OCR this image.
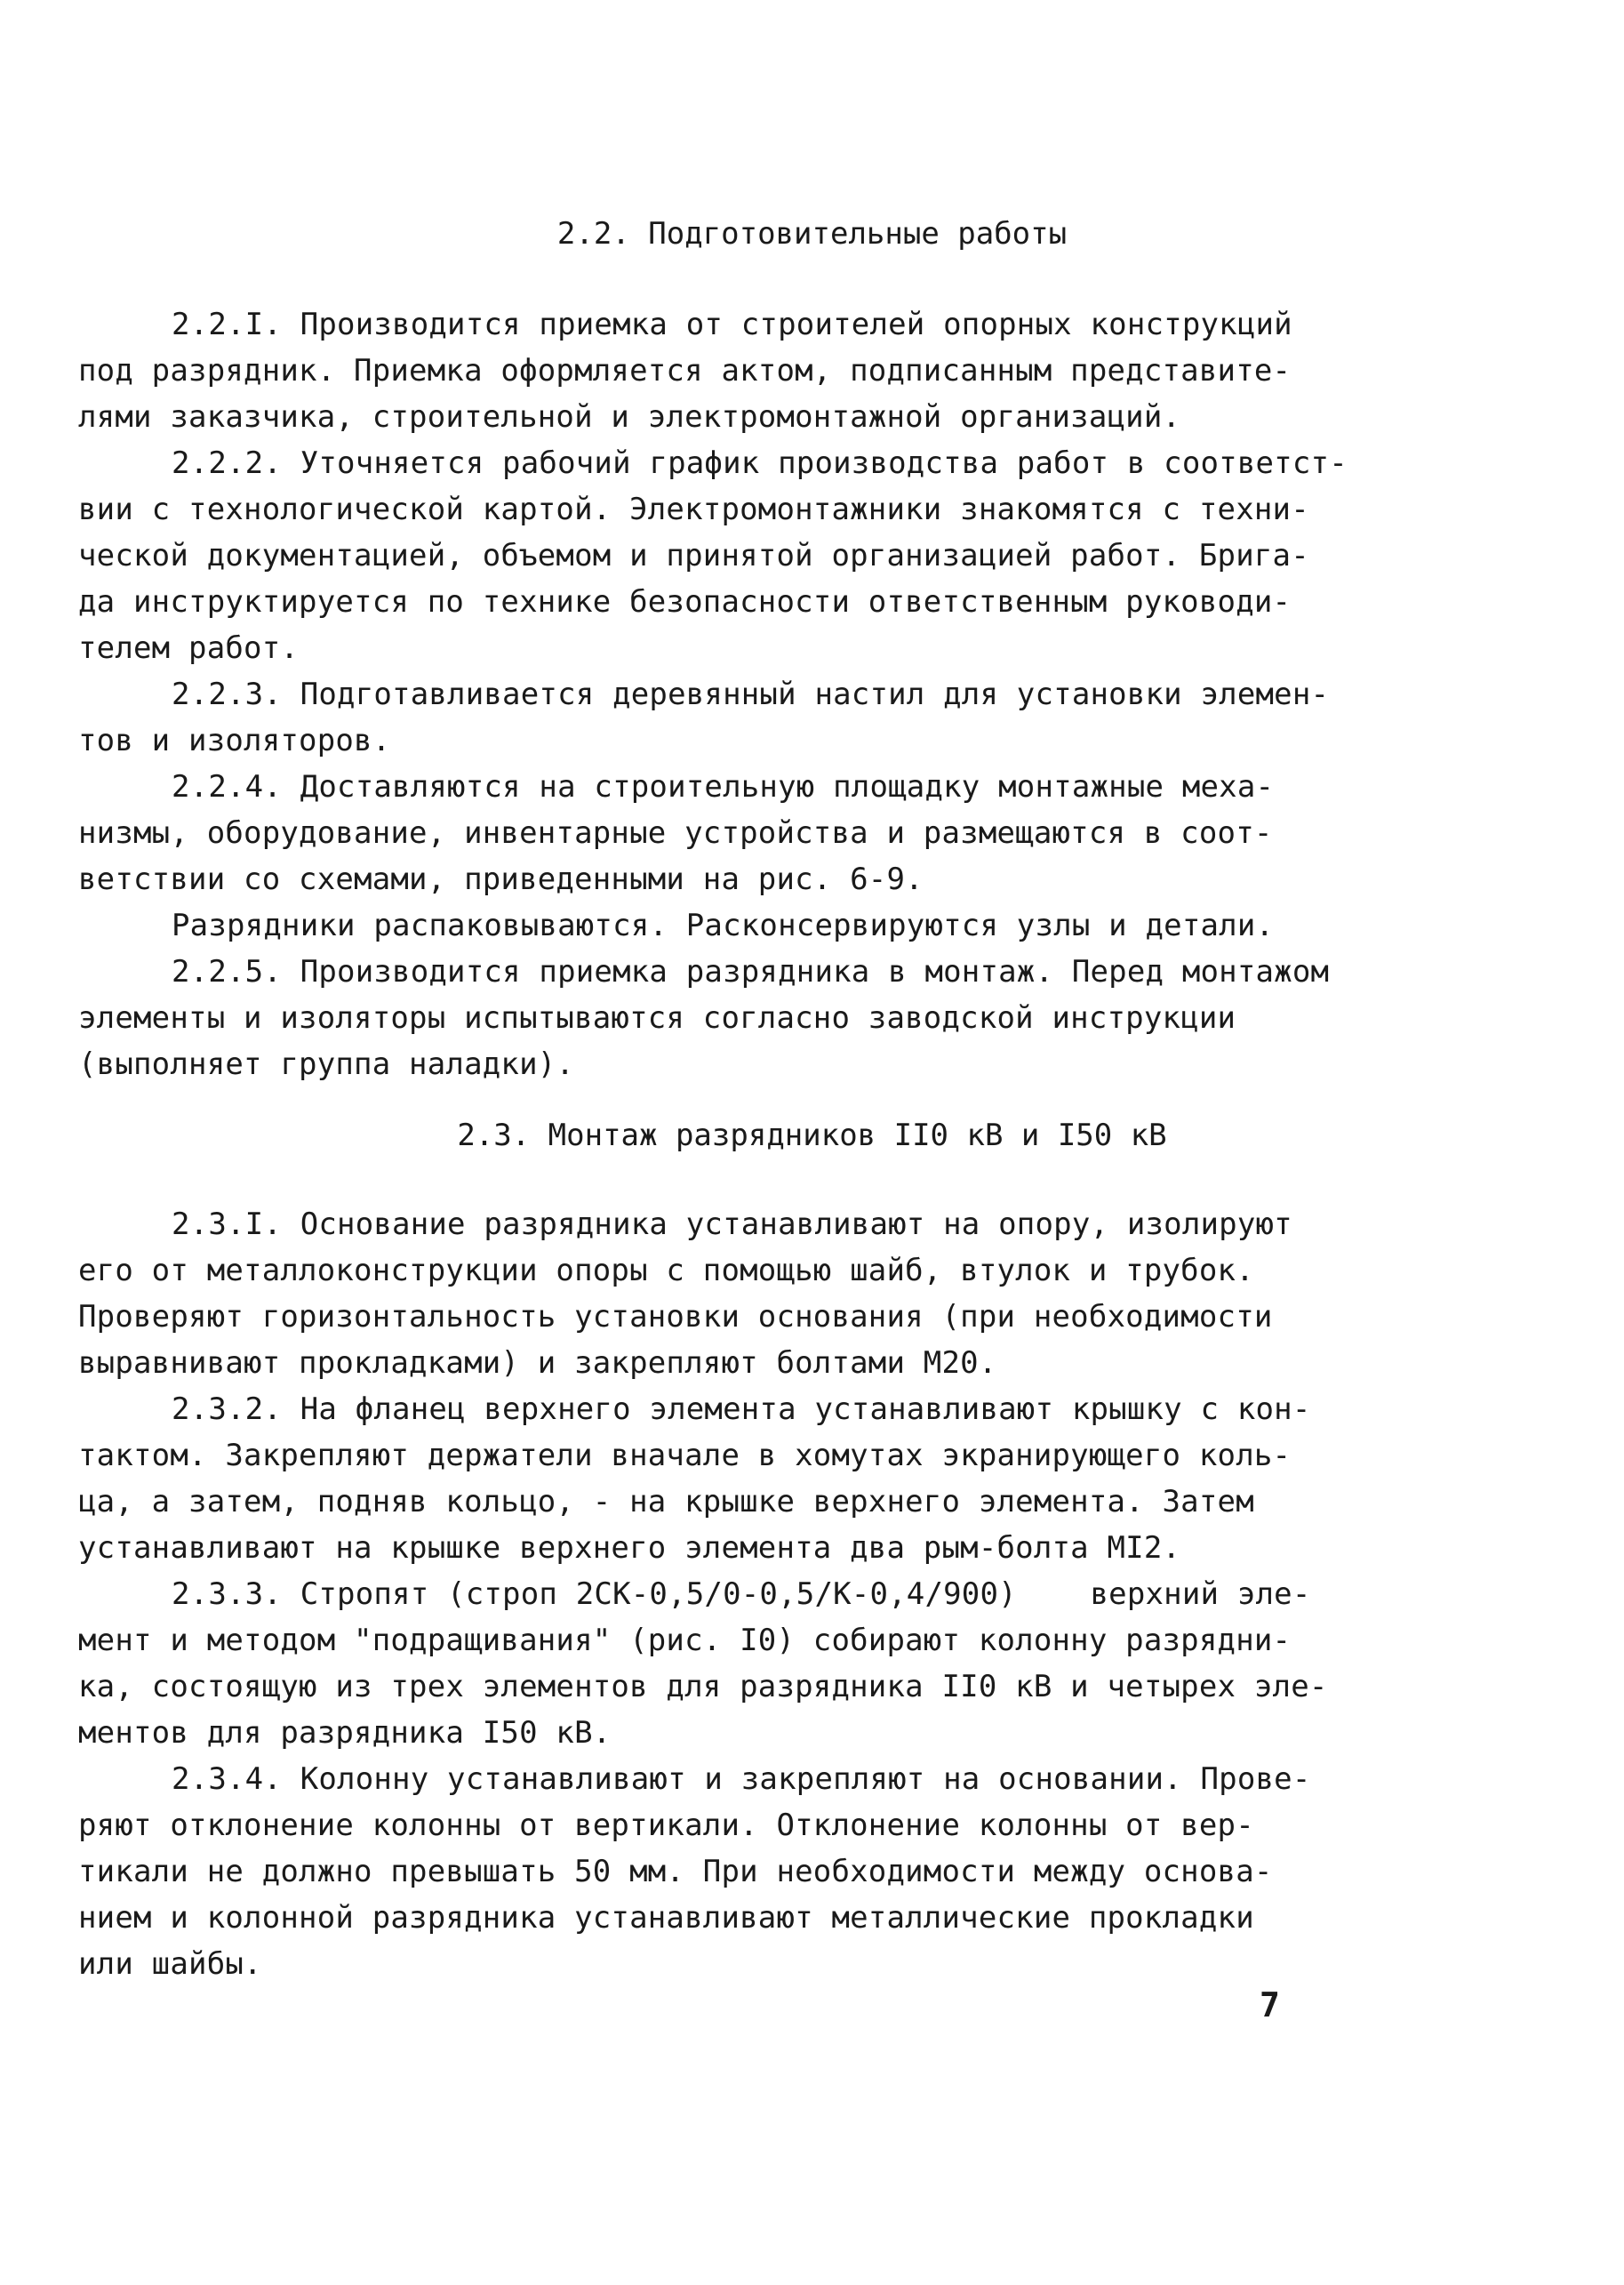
2.2. Подготовительные работы
2.2.I. Производится приемка от строителей опорных конструкций
под разрядник. Приемка оформляется актом, подписанным представите-
лями заказчика, строительной и электромонтажной организаций.
2.2.2. Уточняется рабочий график производства работ в соответст-
вии с технологической картой. Электромонтажники знакомятся с техни-
ческой документацией, объемом и принятой организацией работ. Брига-
да инструктируется по технике безопасности ответственным руководи-
телем работ.
2.2.3. Подготавливается деревянный настил для установки элемен-
тов и изоляторов.
2.2.4. Доставляются на строительную площадку монтажные меха-
низмы, оборудование, инвентарные устройства и размещаются в соот-
ветствии со схемами, приведенными на рис. 6-9.
Разрядники распаковываются. Расконсервируются узлы и детали.
2.2.5. Производится приемка разрядника в монтаж. Перед монтажом
элементы и изоляторы испытываются согласно заводской инструкции
(выполняет группа наладки).
2.3. Монтаж разрядников II0 кВ и I50 кВ
2.3.I. Основание разрядника устанавливают на опору, изолируют
его от металлоконструкции опоры с помощью шайб, втулок и трубок.
Проверяют горизонтальность установки основания (при необходимости
выравнивают прокладками) и закрепляют болтами М20.
2.3.2. На фланец верхнего элемента устанавливают крышку с кон-
тактом. Закрепляют держатели вначале в хомутах экранирующего коль-
ца, а затем, подняв кольцо, - на крышке верхнего элемента. Затем
устанавливают на крышке верхнего элемента два рым-болта МI2.
2.3.3. Стропят (строп 2СК-0,5/0-0,5/К-0,4/900)    верхний эле-
мент и методом "подращивания" (рис. I0) собирают колонну разрядни-
ка, состоящую из трех элементов для разрядника II0 кВ и четырех эле-
ментов для разрядника I50 кВ.
2.3.4. Колонну устанавливают и закрепляют на основании. Прове-
ряют отклонение колонны от вертикали. Отклонение колонны от вер-
тикали не должно превышать 50 мм. При необходимости между основа-
нием и колонной разрядника устанавливают металлические прокладки
или шайбы.
7
